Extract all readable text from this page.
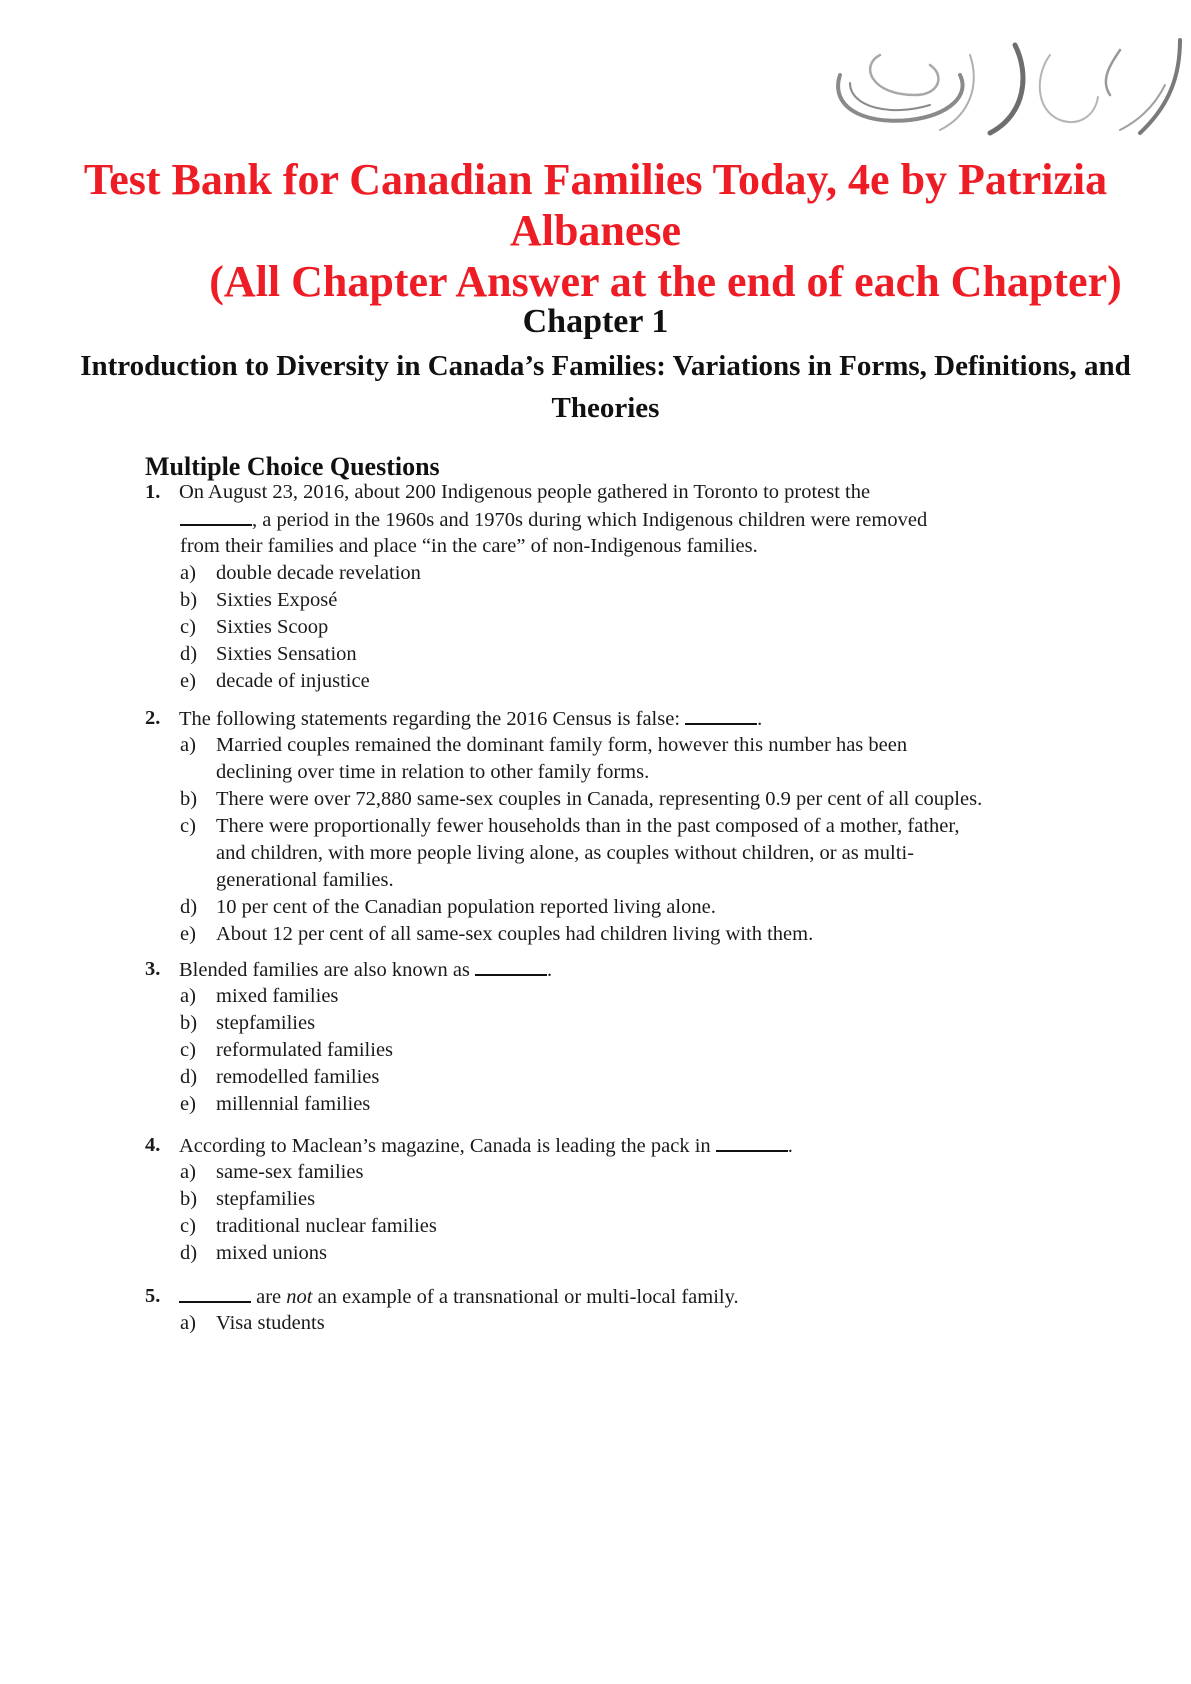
Test Bank for Canadian Families Today, 4e by Patrizia

Albanese

(All Chapter Answer at the end of each Chapter)

Chapter 1

Introduction to Diversity in Canada’s Families: Variations in Forms, Definitions, and Theories

Multiple Choice Questions

1. On August 23, 2016, about 200 Indigenous people gathered in Toronto to protest the
, a period in the 1960s and 1970s during which Indigenous children were removed
from their families and place “in the care” of non-Indigenous families.
a) double decade revelation
b) Sixties Exposé
c) Sixties Scoop
d) Sixties Sensation
e) decade of injustice
2. The following statements regarding the 2016 Census is false:	.
a) Married couples remained the dominant family form, however this number has been
declining over time in relation to other family forms.
b) There were over 72,880 same-sex couples in Canada, representing 0.9 per cent of all couples.
c) There were proportionally fewer households than in the past composed of a mother, father,
and children, with more people living alone, as couples without children, or as multi-
generational families.
d) 10 per cent of the Canadian population reported living alone.
e) About 12 per cent of all same-sex couples had children living with them.
3. Blended families are also known as	.
a) mixed families
b) stepfamilies
c) reformulated families
d) remodelled families
e) millennial families
4. According to Maclean’s magazine, Canada is leading the pack in	.
a) same-sex families
b) stepfamilies
c) traditional nuclear families
d) mixed unions
5.	are not an example of a transnational or multi-local family.
a) Visa students
